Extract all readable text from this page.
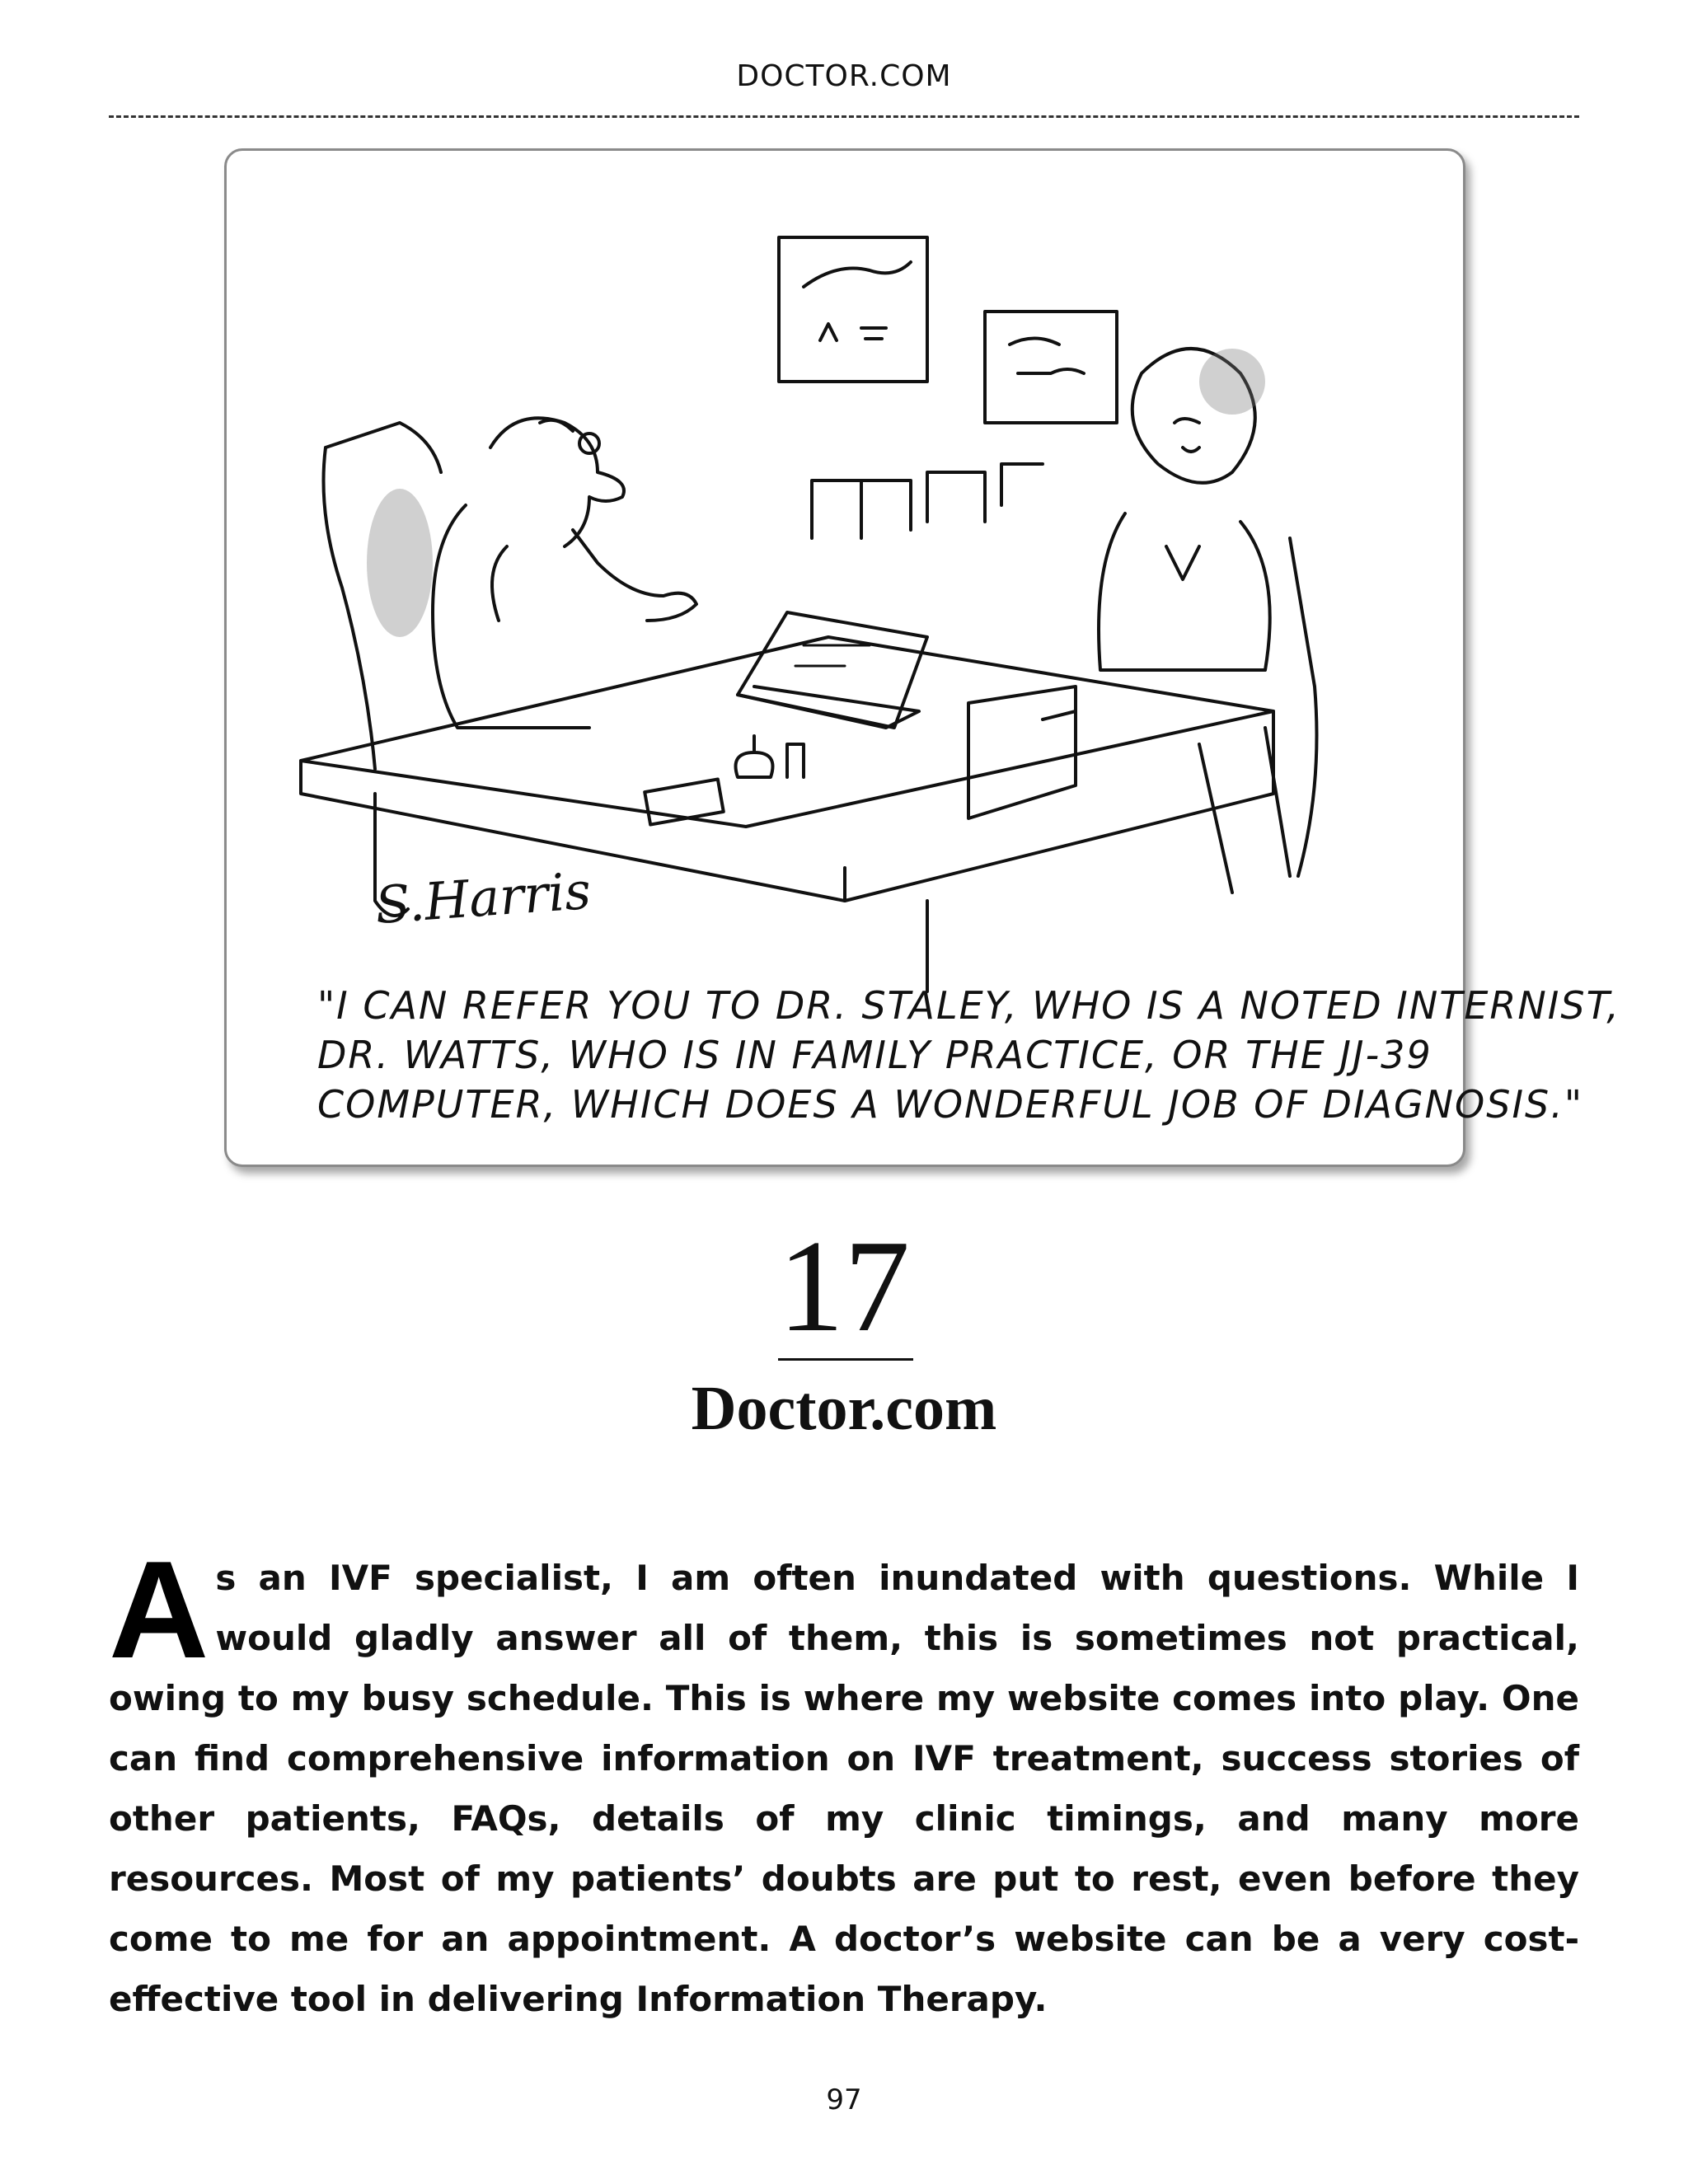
DOCTOR.COM
S.Harris
"I CAN REFER YOU TO DR. STALEY, WHO IS A NOTED INTERNIST,
DR. WATTS, WHO IS IN FAMILY PRACTICE, OR THE JJ-39
COMPUTER, WHICH DOES A WONDERFUL JOB OF DIAGNOSIS."
17
Doctor.com
As an IVF specialist, I am often inundated with questions. While I would gladly answer all of them, this is sometimes not practical, owing to my busy schedule. This is where my website comes into play. One can find comprehensive information on IVF treatment, success stories of other patients, FAQs, details of my clinic timings, and many more resources. Most of my patients’ doubts are put to rest, even before they come to me for an appointment. A doctor’s website can be a very cost-effective tool in delivering Information Therapy.
97
